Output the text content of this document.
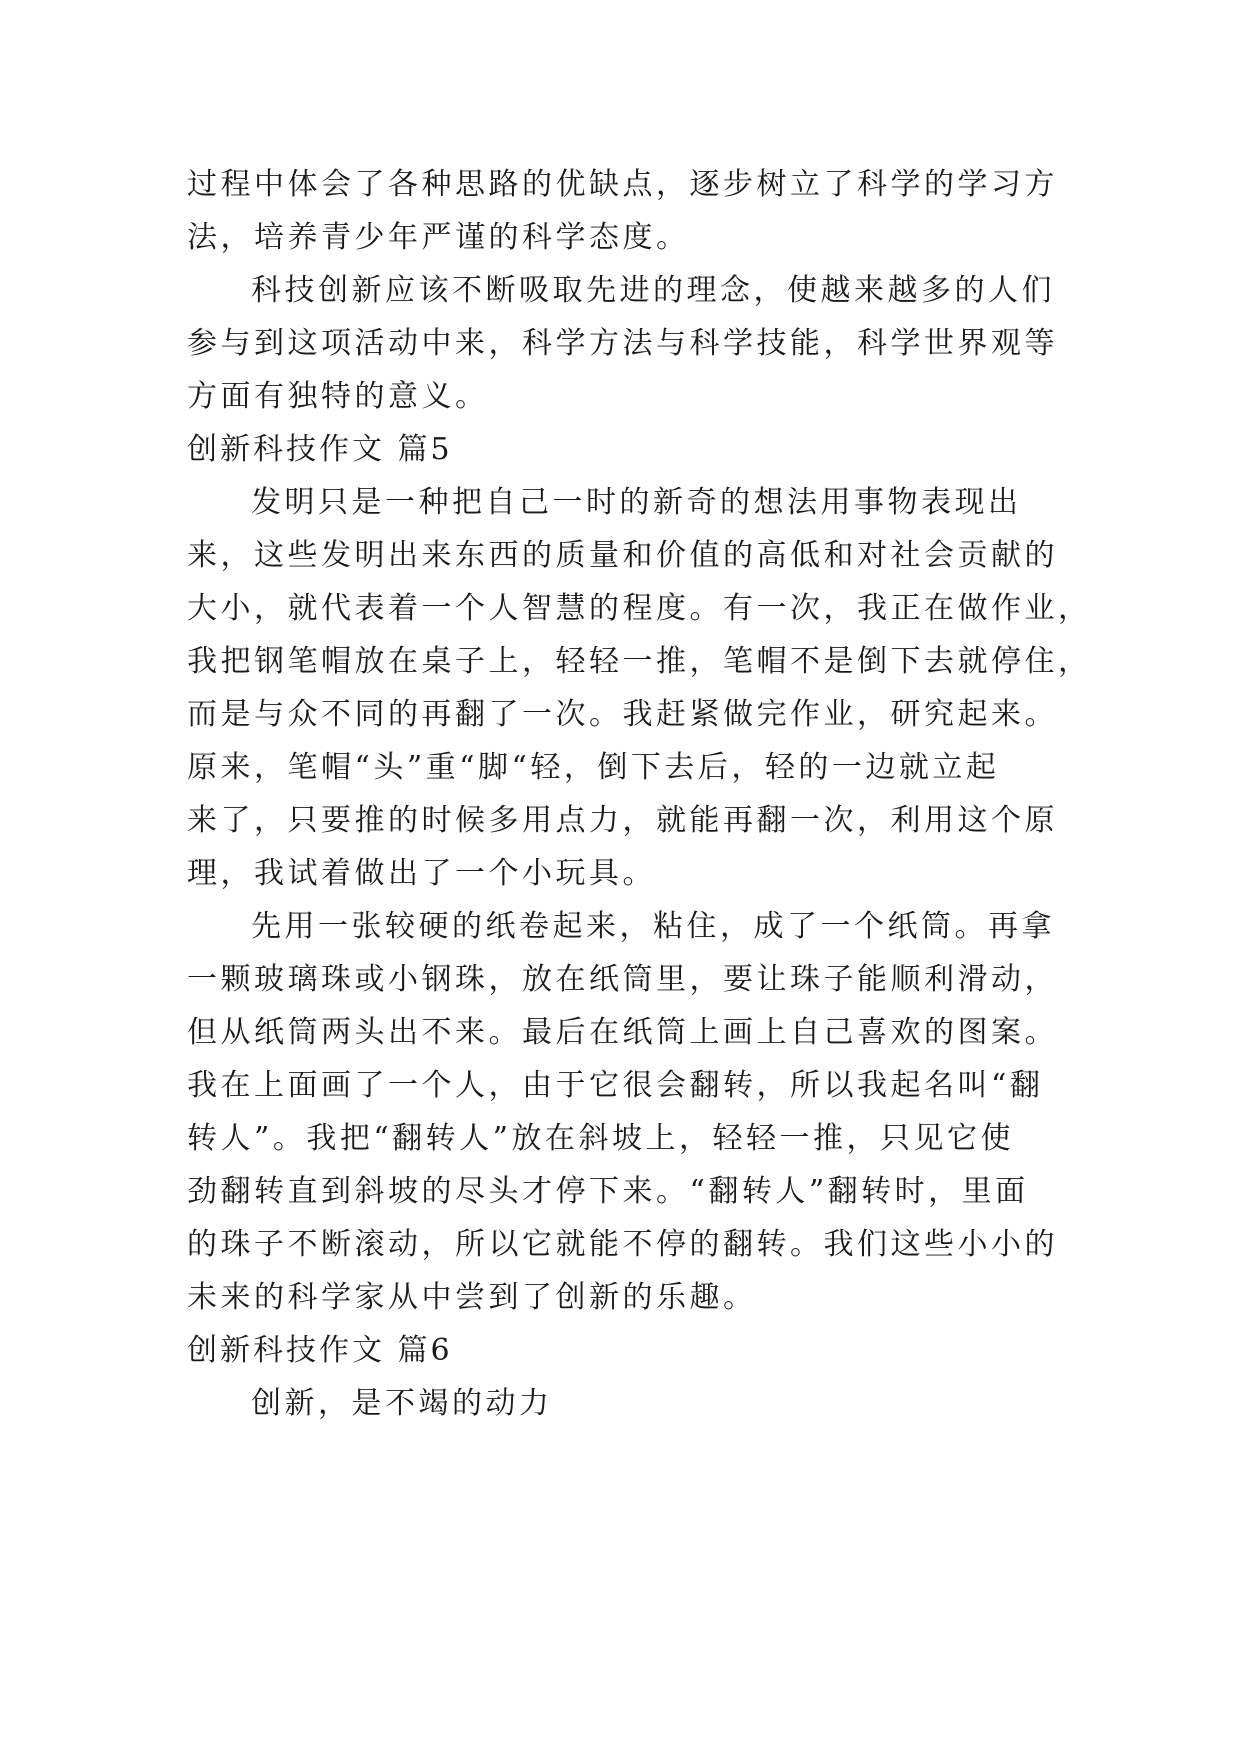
过程中体会了各种思路的优缺点，逐步树立了科学的学习方
法，培养青少年严谨的科学态度。
科技创新应该不断吸取先进的理念，使越来越多的人们
参与到这项活动中来，科学方法与科学技能，科学世界观等
方面有独特的意义。
创新科技作文 篇5
发明只是一种把自己一时的新奇的想法用事物表现出
来，这些发明出来东西的质量和价值的高低和对社会贡献的
大小，就代表着一个人智慧的程度。有一次，我正在做作业，
我把钢笔帽放在桌子上，轻轻一推，笔帽不是倒下去就停住，
而是与众不同的再翻了一次。我赶紧做完作业，研究起来。
原来，笔帽“头”重“脚“轻，倒下去后，轻的一边就立起
来了，只要推的时候多用点力，就能再翻一次，利用这个原
理，我试着做出了一个小玩具。
先用一张较硬的纸卷起来，粘住，成了一个纸筒。再拿
一颗玻璃珠或小钢珠，放在纸筒里，要让珠子能顺利滑动，
但从纸筒两头出不来。最后在纸筒上画上自己喜欢的图案。
我在上面画了一个人，由于它很会翻转，所以我起名叫“翻
转人”。我把“翻转人”放在斜坡上，轻轻一推，只见它使
劲翻转直到斜坡的尽头才停下来。“翻转人”翻转时，里面
的珠子不断滚动，所以它就能不停的翻转。我们这些小小的
未来的科学家从中尝到了创新的乐趣。
创新科技作文 篇6
创新，是不竭的动力
